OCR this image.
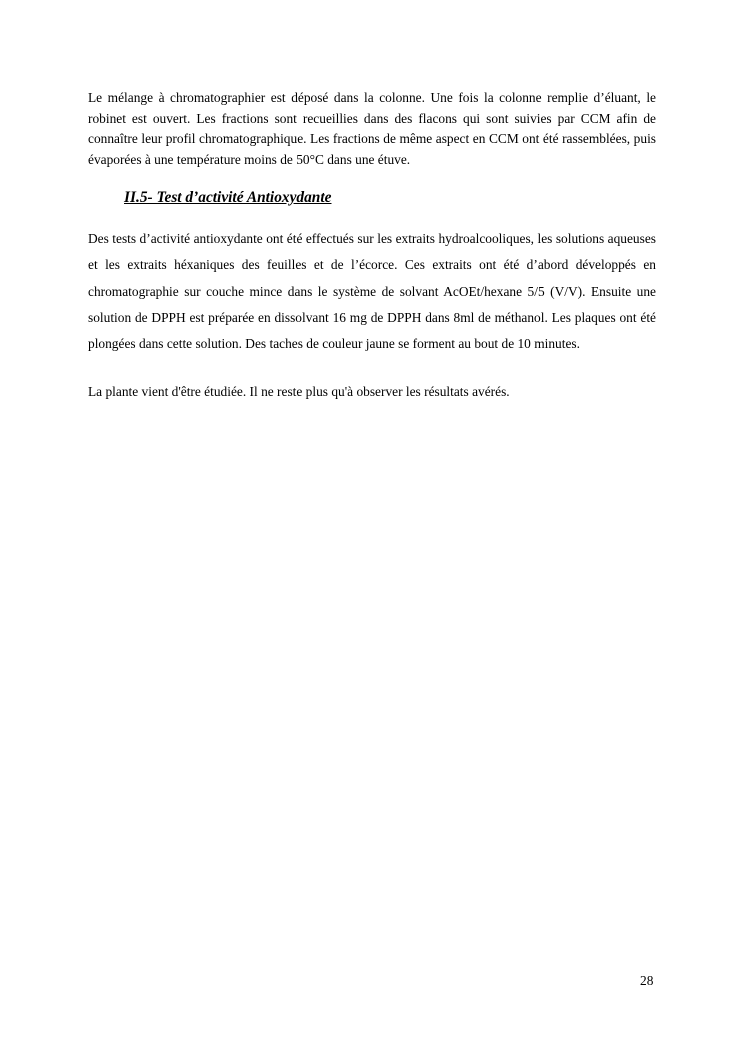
Le mélange à chromatographier est déposé dans la colonne. Une fois la colonne remplie d’éluant, le robinet est ouvert. Les fractions sont recueillies dans des flacons qui sont suivies par CCM afin de connaître leur profil chromatographique. Les fractions de même aspect en CCM ont été rassemblées, puis évaporées à une température moins de 50°C dans une étuve.

II.5- Test d’activité Antioxydante

Des tests d’activité antioxydante ont été effectués sur les extraits hydroalcooliques, les solutions aqueuses et les extraits héxaniques des feuilles et de l’écorce. Ces extraits ont été d’abord développés en chromatographie sur couche mince dans le système de solvant AcOEt/hexane 5/5 (V/V). Ensuite une solution de DPPH est préparée en dissolvant 16 mg de DPPH dans 8ml de méthanol. Les plaques ont été plongées dans cette solution. Des taches de couleur jaune se forment au bout de 10 minutes.

La plante vient d'être étudiée. Il ne reste plus qu'à observer les résultats avérés.

28
